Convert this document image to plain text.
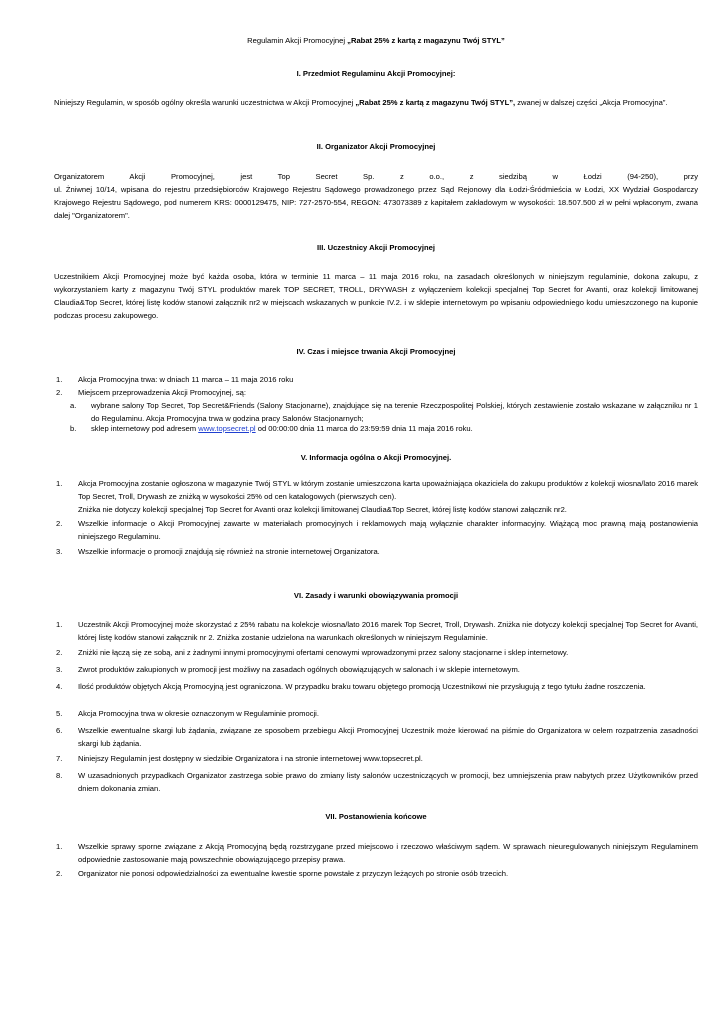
Regulamin Akcji Promocyjnej „Rabat 25% z kartą z magazynu Twój STYL”
I. Przedmiot Regulaminu Akcji Promocyjnej:
Niniejszy Regulamin, w sposób ogólny określa warunki uczestnictwa w Akcji Promocyjnej „Rabat 25% z kartą z magazynu Twój STYL”, zwanej w dalszej części „Akcja Promocyjna”.
II. Organizator Akcji Promocyjnej
Organizatorem Akcji Promocyjnej, jest Top Secret Sp. z o.o., z siedzibą w Łodzi (94-250), przy
ul. Żniwnej 10/14, wpisana do rejestru przedsiębiorców Krajowego Rejestru Sądowego prowadzonego przez Sąd Rejonowy dla Łodzi-Śródmieścia w Łodzi, XX Wydział Gospodarczy Krajowego Rejestru Sądowego, pod numerem KRS: 0000129475, NIP: 727-2570-554, REGON: 473073389 z kapitałem zakładowym w wysokości: 18.507.500 zł w pełni wpłaconym, zwana dalej "Organizatorem".
III. Uczestnicy Akcji Promocyjnej
Uczestnikiem Akcji Promocyjnej może być każda osoba, która w terminie 11 marca – 11 maja 2016 roku, na zasadach określonych w niniejszym regulaminie, dokona zakupu, z wykorzystaniem karty z magazynu Twój STYL produktów marek TOP SECRET, TROLL, DRYWASH z wyłączeniem kolekcji specjalnej Top Secret for Avanti, oraz kolekcji limitowanej Claudia&Top Secret, której listę kodów stanowi załącznik nr2 w miejscach wskazanych w punkcie IV.2. i w sklepie internetowym po wpisaniu odpowiedniego kodu umieszczonego na kuponie podczas procesu zakupowego.
IV. Czas i miejsce trwania Akcji Promocyjnej
1.	Akcja Promocyjna trwa: w dniach 11 marca – 11 maja 2016 roku
2.	Miejscem przeprowadzenia Akcji Promocyjnej, są:
a. wybrane salony Top Secret, Top Secret&Friends (Salony Stacjonarne), znajdujące się na terenie Rzeczpospolitej Polskiej, których zestawienie zostało wskazane w załączniku nr 1 do Regulaminu. Akcja Promocyjna trwa w godzina pracy Salonów Stacjonarnych;
b. sklep internetowy pod adresem www.topsecret.pl od 00:00:00 dnia 11 marca do 23:59:59 dnia 11 maja 2016 roku.
V. Informacja ogólna o Akcji Promocyjnej.
1.	Akcja Promocyjna zostanie ogłoszona w magazynie Twój STYL w którym zostanie umieszczona karta upoważniająca okaziciela do zakupu produktów z kolekcji wiosna/lato 2016 marek Top Secret, Troll, Drywash ze zniżką w wysokości 25% od cen katalogowych (pierwszych cen).

Zniżka nie dotyczy kolekcji specjalnej Top Secret for Avanti oraz kolekcji limitowanej Claudia&Top Secret, której listę kodów stanowi załącznik nr2.
2.	Wszelkie informacje o Akcji Promocyjnej zawarte w materiałach promocyjnych i reklamowych mają wyłącznie charakter informacyjny. Wiążącą moc prawną mają postanowienia niniejszego Regulaminu.
3.	Wszelkie informacje o promocji znajdują się również na stronie internetowej Organizatora.
VI. Zasady i warunki obowiązywania promocji
1.	Uczestnik Akcji Promocyjnej może skorzystać z 25% rabatu na kolekcje wiosna/lato 2016 marek Top Secret, Troll, Drywash. Zniżka nie dotyczy kolekcji specjalnej Top Secret for Avanti, której listę kodów stanowi załącznik nr 2. Zniżka zostanie udzielona na warunkach określonych w niniejszym Regulaminie.
2.	Zniżki nie łączą się ze sobą, ani z żadnymi innymi promocyjnymi ofertami cenowymi wprowadzonymi przez salony stacjonarne i sklep internetowy.
3.	Zwrot produktów zakupionych w promocji jest możliwy na zasadach ogólnych obowiązujących w salonach i w sklepie internetowym.
4.	Ilość produktów objętych Akcją Promocyjną jest ograniczona. W przypadku braku towaru objętego promocją Uczestnikowi nie przysługują z tego tytułu żadne roszczenia.
5.	Akcja Promocyjna trwa w okresie oznaczonym w Regulaminie promocji.
6.	Wszelkie ewentualne skargi lub żądania, związane ze sposobem przebiegu Akcji Promocyjnej Uczestnik może kierować na piśmie do Organizatora w celem rozpatrzenia zasadności skargi lub żądania.
7.	Niniejszy Regulamin jest dostępny w siedzibie Organizatora i na stronie internetowej www.topsecret.pl.
8.	W uzasadnionych przypadkach Organizator zastrzega sobie prawo do zmiany listy salonów uczestniczących w promocji, bez umniejszenia praw nabytych przez Użytkowników przed dniem dokonania zmian.
VII. Postanowienia końcowe
1.	Wszelkie sprawy sporne związane z Akcją Promocyjną będą rozstrzygane przed miejscowo i rzeczowo właściwym sądem. W sprawach nieuregulowanych niniejszym Regulaminem odpowiednie zastosowanie mają powszechnie obowiązującego przepisy prawa.
2.	Organizator nie ponosi odpowiedzialności za ewentualne kwestie sporne powstałe z przyczyn leżących po stronie osób trzecich.
